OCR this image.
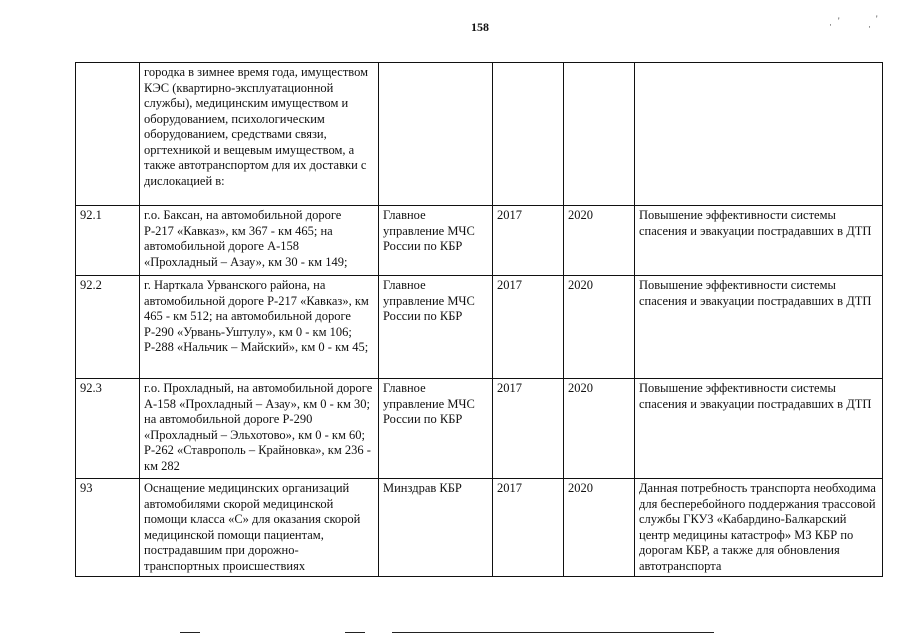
158	· '
·
'
	городка в зимнее время года, имуществом КЭС (квартирно-эксплуатационной службы), медицинским имуществом и оборудованием, психологическим оборудованием, средствами связи, оргтехникой и вещевым имуществом, а также автотранспортом для их доставки с дислокацией в:				
92.1	г.о. Баксан, на автомобильной дороге Р-217 «Кавказ», км 367 - км 465; на автомобильной дороге А-158 «Прохладный – Азау», км 30 - км 149;	Главное управление МЧС России по КБР	2017	2020	Повышение эффективности системы спасения и эвакуации пострадавших в ДТП
92.2	г. Нарткала Урванского района, на автомобильной дороге Р-217 «Кавказ», км 465 - км 512; на автомобильной дороге Р-290 «Урвань-Уштулу», км 0 - км 106; Р-288 «Нальчик – Майский», км 0 - км 45;	Главное управление МЧС России по КБР	2017	2020	Повышение эффективности системы спасения и эвакуации пострадавших в ДТП
92.3	г.о. Прохладный, на автомобильной дороге А-158 «Прохладный – Азау», км 0 - км 30; на автомобильной дороге Р-290 «Прохладный – Эльхотово», км 0 - км 60; Р-262 «Ставрополь – Крайновка», км 236 - км 282	Главное управление МЧС России по КБР	2017	2020	Повышение эффективности системы спасения и эвакуации пострадавших в ДТП
93	Оснащение медицинских организаций автомобилями скорой медицинской помощи класса «С» для оказания скорой медицинской помощи пациентам, пострадавшим при дорожно-транспортных происшествиях	Минздрав КБР	2017	2020	Данная потребность транспорта необходима для бесперебойного поддержания трассовой службы ГКУЗ «Кабардино-Балкарский центр медицины катастроф» МЗ КБР по дорогам КБР, а также для обновления автотранспорта
